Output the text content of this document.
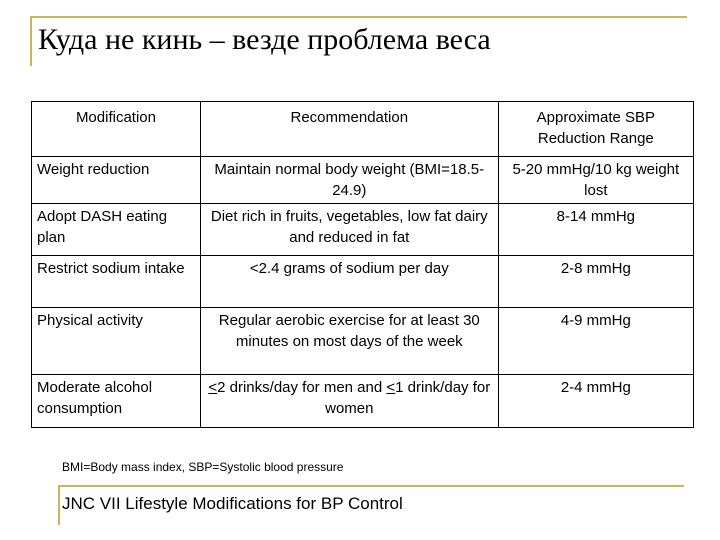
Куда не кинь – везде проблема веса
Modification	Recommendation	Approximate SBP Reduction Range
Weight reduction	Maintain normal body weight (BMI=18.5-24.9)	5-20 mmHg/10 kg weight lost
Adopt DASH eating plan	Diet rich in fruits, vegetables, low fat dairy and reduced in fat	8-14 mmHg
Restrict sodium intake	<2.4 grams of sodium per day	2-8 mmHg
Physical activity	Regular aerobic exercise for at least 30 minutes on most days of the week	4-9 mmHg
Moderate alcohol consumption	≤2 drinks/day for men and ≤1 drink/day for women	2-4 mmHg
BMI=Body mass index, SBP=Systolic blood pressure
JNC VII Lifestyle Modifications for BP Control
